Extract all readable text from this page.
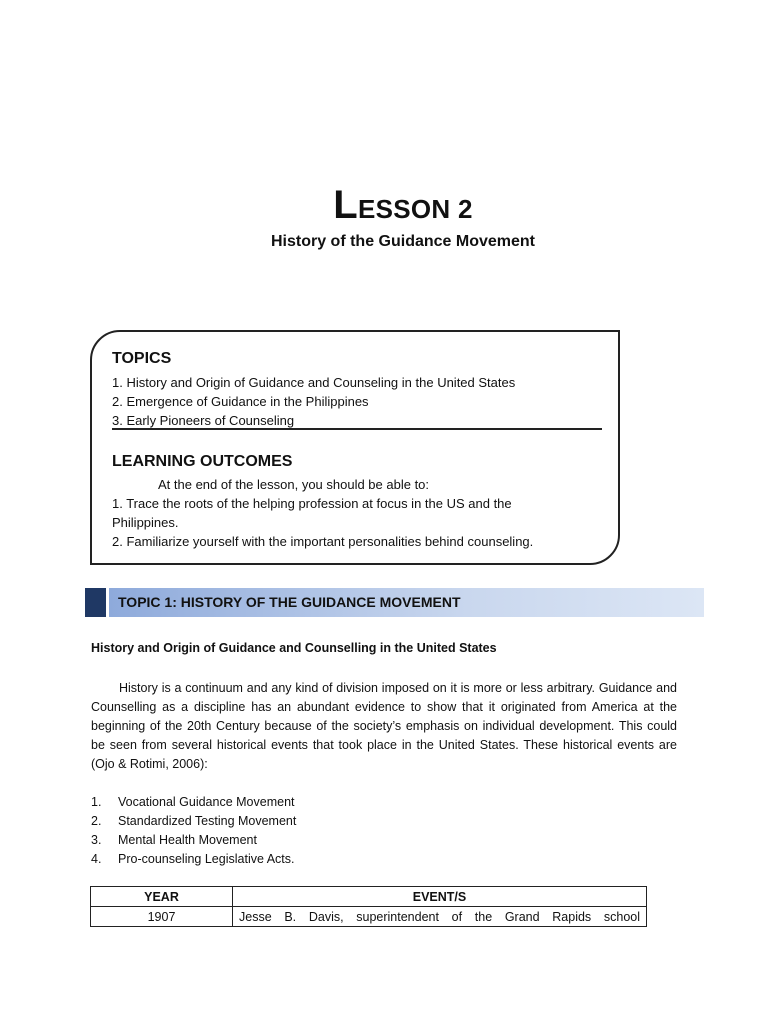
LESSON 2
History of the Guidance Movement
TOPICS
1. History and Origin of Guidance and Counseling in the United States
2. Emergence of Guidance in the Philippines
3. Early Pioneers of Counseling
LEARNING OUTCOMES
At the end of the lesson, you should be able to:
1. Trace the roots of the helping profession at focus in the US and the
Philippines.
2. Familiarize yourself with the important personalities behind counseling.
TOPIC 1: HISTORY OF THE GUIDANCE MOVEMENT
History and Origin of Guidance and Counselling in the United States

History is a continuum and any kind of division imposed on it is more or less arbitrary. Guidance and Counselling as a discipline has an abundant evidence to show that it originated from America at the beginning of the 20th Century because of the society’s emphasis on individual development. This could be seen from several historical events that took place in the United States. These historical events are (Ojo & Rotimi, 2006):

1. Vocational Guidance Movement
2. Standardized Testing Movement
3. Mental Health Movement
4. Pro-counseling Legislative Acts.
YEAR	EVENT/S
1907	Jesse B. Davis, superintendent of the Grand Rapids school
